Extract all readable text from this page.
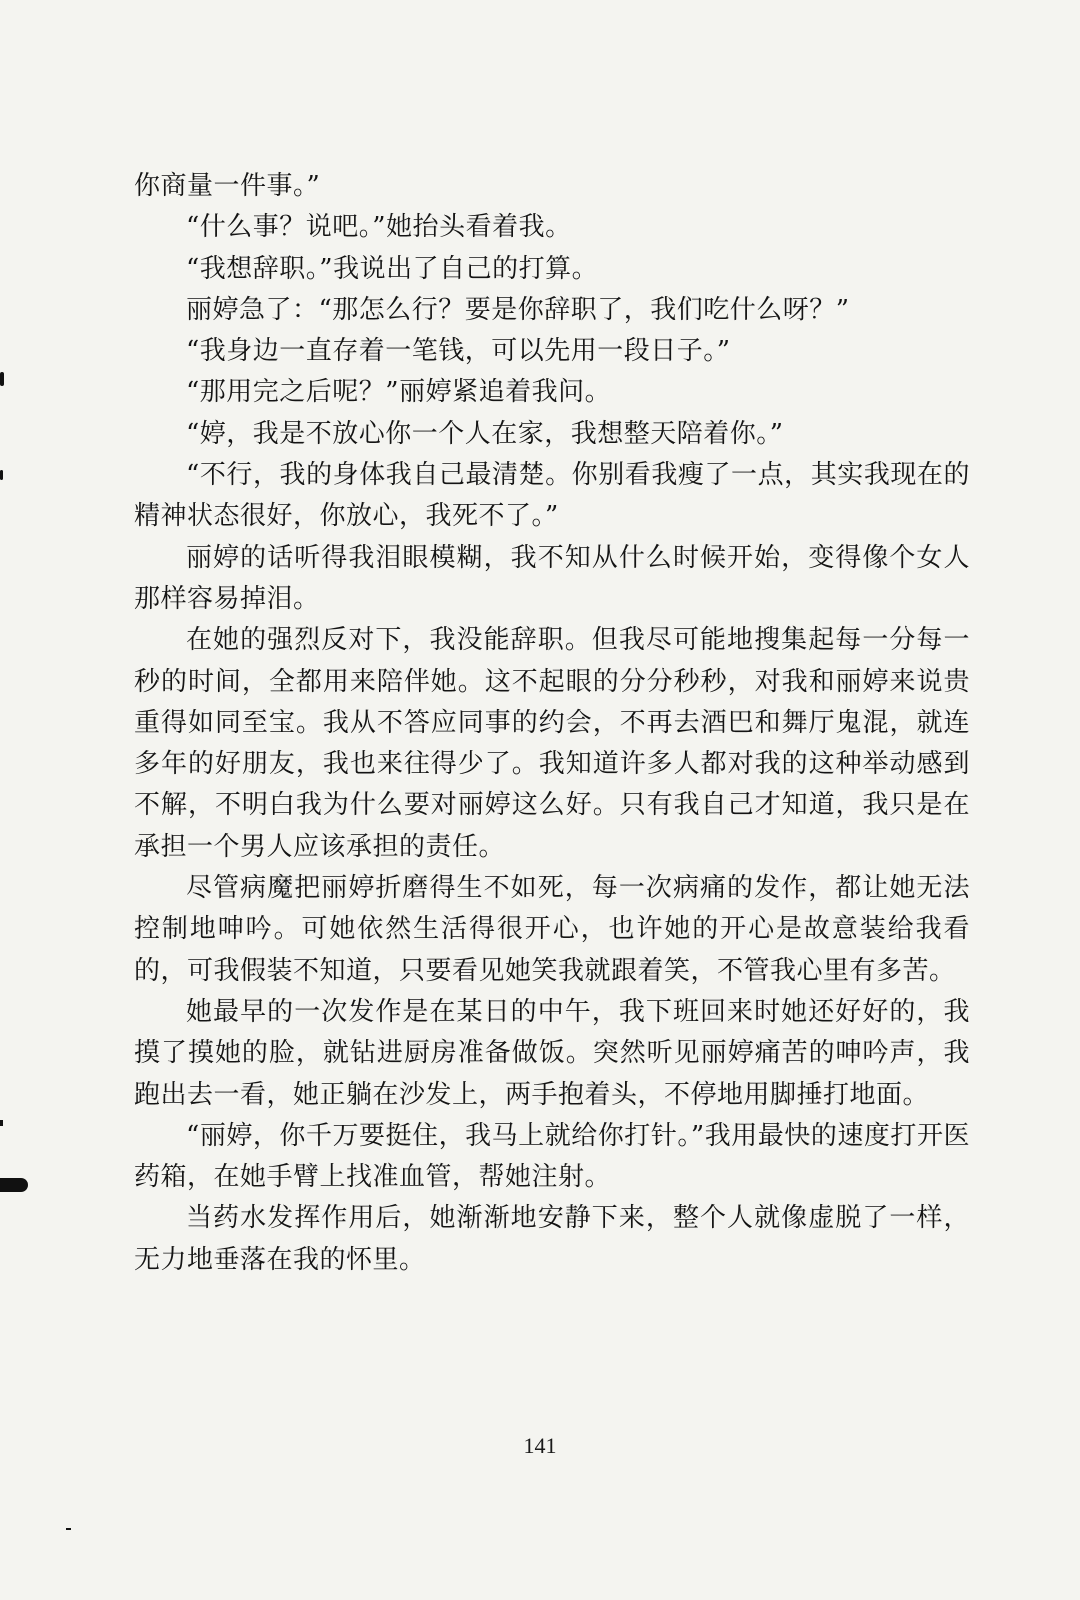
你商量一件事。”

“什么事？说吧。”她抬头看着我。

“我想辞职。”我说出了自己的打算。

丽婷急了：“那怎么行？要是你辞职了，我们吃什么呀？”

“我身边一直存着一笔钱，可以先用一段日子。”

“那用完之后呢？”丽婷紧追着我问。

“婷，我是不放心你一个人在家，我想整天陪着你。”

“不行，我的身体我自己最清楚。你别看我瘦了一点，其实我现在的精神状态很好，你放心，我死不了。”

丽婷的话听得我泪眼模糊，我不知从什么时候开始，变得像个女人那样容易掉泪。

在她的强烈反对下，我没能辞职。但我尽可能地搜集起每一分每一秒的时间，全都用来陪伴她。这不起眼的分分秒秒，对我和丽婷来说贵重得如同至宝。我从不答应同事的约会，不再去酒巴和舞厅鬼混，就连多年的好朋友，我也来往得少了。我知道许多人都对我的这种举动感到不解，不明白我为什么要对丽婷这么好。只有我自己才知道，我只是在承担一个男人应该承担的责任。

尽管病魔把丽婷折磨得生不如死，每一次病痛的发作，都让她无法控制地呻吟。可她依然生活得很开心，也许她的开心是故意装给我看的，可我假装不知道，只要看见她笑我就跟着笑，不管我心里有多苦。

她最早的一次发作是在某日的中午，我下班回来时她还好好的，我摸了摸她的脸，就钻进厨房准备做饭。突然听见丽婷痛苦的呻吟声，我跑出去一看，她正躺在沙发上，两手抱着头，不停地用脚捶打地面。

“丽婷，你千万要挺住，我马上就给你打针。”我用最快的速度打开医药箱，在她手臂上找准血管，帮她注射。

当药水发挥作用后，她渐渐地安静下来，整个人就像虚脱了一样，无力地垂落在我的怀里。

141
